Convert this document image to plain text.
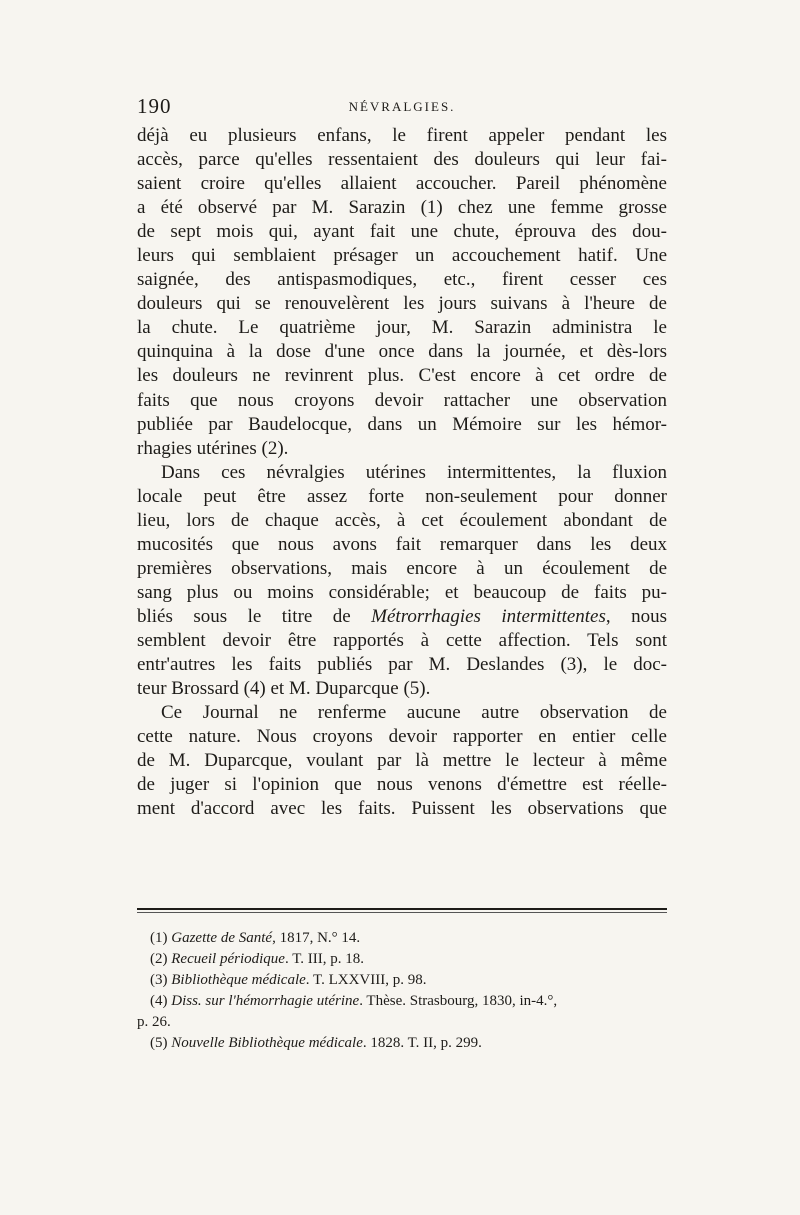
190	NÉVRALGIES.
déjà eu plusieurs enfans, le firent appeler pendant les
accès, parce qu'elles ressentaient des douleurs qui leur fai-
saient croire qu'elles allaient accoucher. Pareil phénomène
a été observé par M. Sarazin (1) chez une femme grosse
de sept mois qui, ayant fait une chute, éprouva des dou-
leurs qui semblaient présager un accouchement hatif. Une
saignée, des antispasmodiques, etc., firent cesser ces
douleurs qui se renouvelèrent les jours suivans à l'heure de
la chute. Le quatrième jour, M. Sarazin administra le
quinquina à la dose d'une once dans la journée, et dès-lors
les douleurs ne revinrent plus. C'est encore à cet ordre de
faits que nous croyons devoir rattacher une observation
publiée par Baudelocque, dans un Mémoire sur les hémor-
rhagies utérines (2).
Dans ces névralgies utérines intermittentes, la fluxion
locale peut être assez forte non-seulement pour donner
lieu, lors de chaque accès, à cet écoulement abondant de
mucosités que nous avons fait remarquer dans les deux
premières observations, mais encore à un écoulement de
sang plus ou moins considérable; et beaucoup de faits pu-
bliés sous le titre de Métrorrhagies intermittentes, nous
semblent devoir être rapportés à cette affection. Tels sont
entr'autres les faits publiés par M. Deslandes (3), le doc-
teur Brossard (4) et M. Duparcque (5).
Ce Journal ne renferme aucune autre observation de
cette nature. Nous croyons devoir rapporter en entier celle
de M. Duparcque, voulant par là mettre le lecteur à même
de juger si l'opinion que nous venons d'émettre est réelle-
ment d'accord avec les faits. Puissent les observations que
(1) Gazette de Santé, 1817, N.° 14.
(2) Recueil périodique. T. III, p. 18.
(3) Bibliothèque médicale. T. LXXVIII, p. 98.
(4) Diss. sur l'hémorrhagie utérine. Thèse. Strasbourg, 1830, in-4.°,
p. 26.
(5) Nouvelle Bibliothèque médicale. 1828. T. II, p. 299.
